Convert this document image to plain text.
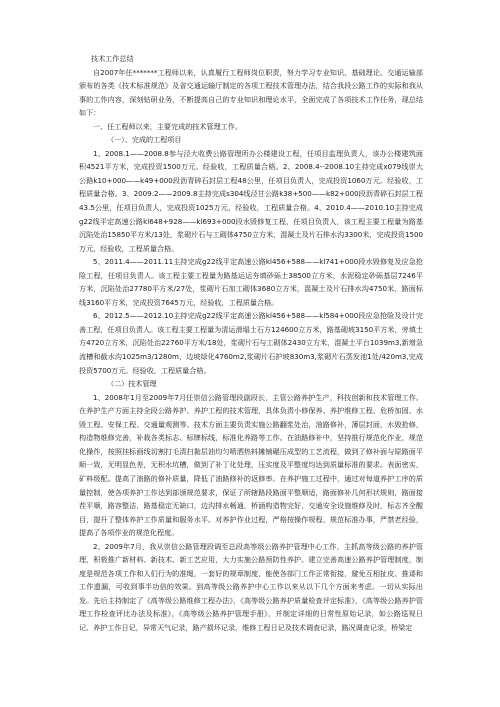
技术工作总结

自2007年任*******工程师以来，认真履行工程师岗位职责，努力学习专业知识、基础理论、交通运输部颁布的各类《技术标准规范》及省交通运输厅制定的各项工程技术管理办法，结合我段公路工作的实际和我从事的工作内容，深刻钻研业务，不断提高自己的专业知识和理论水平，全面完成了各项技术工作任务，现总结如下：

一、任工程师以来，主要完成的技术管理工作。

（一）、完成的工程项目

1、2008.1——2008.8参与泾大收费公路管理所办公楼建设工程，任项目监理负责人，该办公楼建筑面积4521平方米，完成投资1500万元。经验收，工程质量合格。2、2008.4--2008.10主持完成x079线崇大公路k10+000——k49+000段沥青碎石封层工程48公里，任项目负责人，完成投资1060万元。经验收，工程质量合格。3、2009.2——2009.8主持完成s304线泾甘公路k38+500——k82+000段沥青碎石封层工程43.5公里，任项目负责人，完成投资1025万元，经验收，工程质量合格。4、2010.4——2010.10主持完成g22线平定高速公路kl648+928——kl693+000段水毁修复工程，任项目负责人，该工程主要工程量为路基沉陷处治15850平方米/13处，浆砌片石与工砌体4750立方米，混凝土及片石排水沟3300米，完成投资1500万元，经验收，工程质量合格。

5、2011.4——2011.11主持完成g22线平定高速公路kl456+588——kl741+000段水毁修复及应急抢险工程，任项目负责人。该工程主要工程量为路基运运夯填砂砾土38500立方米，水泥稳定砂砾基层7246平方米，沉陷处治27780平方米/27处，浆砌片石加工砌体3680立方米，混凝土及片石排水沟4750米，路面标线3160平方米，完成投资7645万元，经验收，工程质量合格。

6、2012.5——2012.10主持完成g22线平定高速公路kl456+588——kl584+000段应急抢险及设计完善工程，任项目负责人。该工程主要工程量为清运滑塌土石方124600立方米，路基砌坡3150平方米，旁填土方4720立方米，沉陷处治22760平方米/18处，浆砌片石与工砌体2430立方米，混凝土平台1039m3,新增急流槽和截水沟1025m3/1280m，边坡绿化4760m2,浆砌片石护坡830m3,浆砌片石蒸发池1处/420m3,完成投资5700万元。经验收，工程质量合格。

（二）技术管理

1、2008年1月至2009年7月任崇信公路管理段副段长，主管公路养护生产，科技创新和技术管理工作。在养护生产方面主持全段公路养护、养护工程的技术管理，具体负责小修保养、养护维修工程、危桥加固、水毁工程、安保工程、交通量观测等。技术方面主要负责实施公路翻浆处治，油路修补，薄层封面，水毁抢修，构造物维修完善，补栽各类标志、标牌标线，标准化养路等工作。在油路修补中，坚持推行规范化作业，规范化操作，按照挂标画线切割打毛清扫黏层油均匀喷洒热料摊铺碾压成型的工艺流程，做到了修补面与原路面平顺一致，无明显色差，无积水坑槽，做到了补丁化处理，压实度及平整度均达到质量标准的要求。表面密实，矿料级配。提高了油路的修补质量，降低了油路修补的返修率。在养护施工过程中，通过对每道养护工序的质量控制，使各项养护工作达到部颁规范要求，保证了所辖路段路面平整顺适，路面修补几何形状规则，路面接茬平顺，路容整洁，路基稳定无缺口，边沟排水畅通，桥涵构造物完好，交通安全设施维修及时，标志齐全醒目，提升了整体养护工作质量和服务水平。对养护作业过程，严格按操作规程、规范标准办事，严禁老经验，提高了各项作业的规范化程度。

2、2009年7月，我从崇信公路管理段调至总段高等级公路养护管理中心工作，主抓高等级公路的养护管理，积极推广新材料、新技术、新工艺应用，大力实施公路预防性养护。建立完善高速公路养护管理制度，制度是规范各项工作和人们行为的准绳，一套好的规章制度，能使各部门工作正常衔接，避免互相扯皮、推诿和工作遗漏，可收到事半功倍的效果。到高等级公路养护中心工作以来从以下几个方面来考虑。一切从实际出发。先后主持制定了《高等级公路维修工程办法》，《高等级公路养护质量检查评定标准》，《高等级公路养护管理工作检查评比办法及标准》，《高等级公路养护管理手册》，并制定详细的日常性原始记录，如公路巡视日记、养护工作日记，异常天气记录，路产损坏记录，维修工程日记及技术调查记录，路况调查记录，桥梁定
